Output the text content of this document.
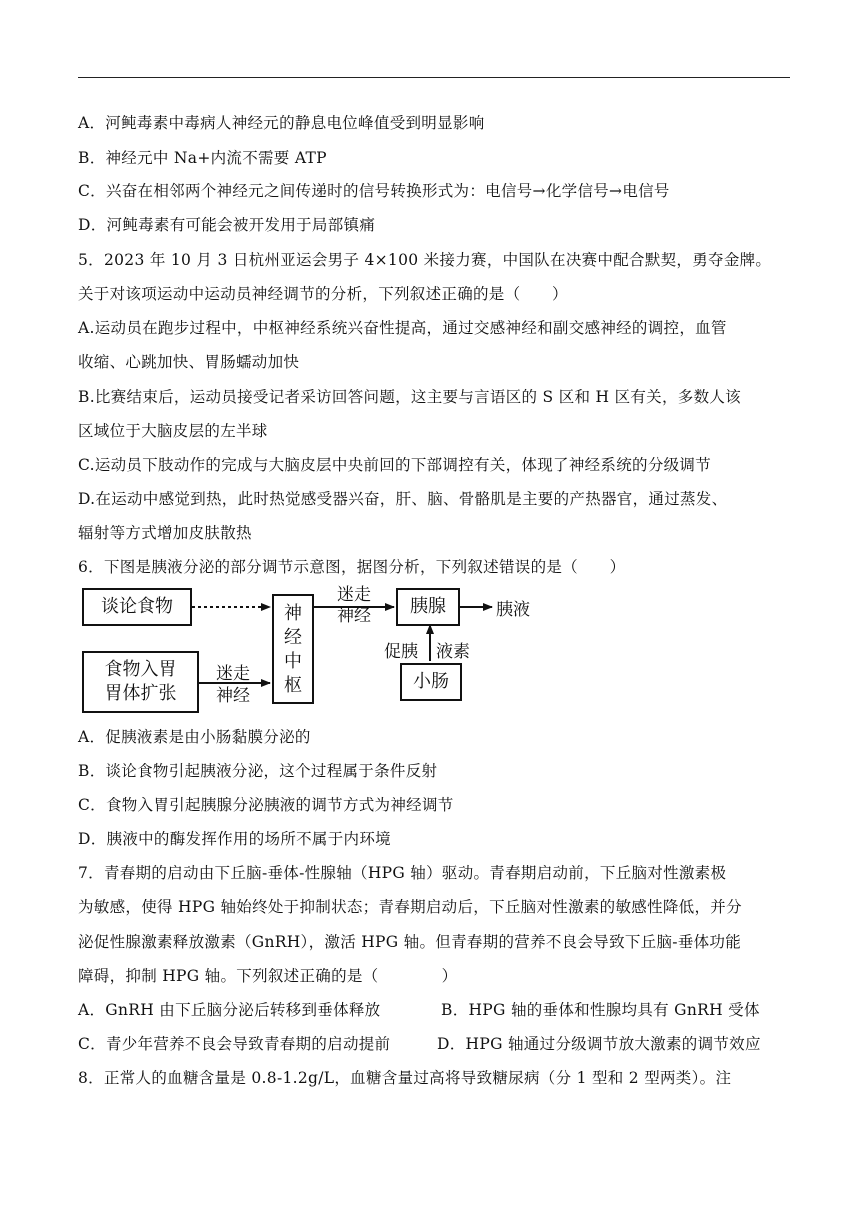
A．河鲀毒素中毒病人神经元的静息电位峰值受到明显影响
B．神经元中 Na+内流不需要 ATP
C．兴奋在相邻两个神经元之间传递时的信号转换形式为：电信号→化学信号→电信号
D．河鲀毒素有可能会被开发用于局部镇痛
5．2023 年 10 月 3 日杭州亚运会男子 4×100 米接力赛，中国队在决赛中配合默契，勇夺金牌。
关于对该项运动中运动员神经调节的分析，下列叙述正确的是（　　）
A.运动员在跑步过程中，中枢神经系统兴奋性提高，通过交感神经和副交感神经的调控，血管
收缩、心跳加快、胃肠蠕动加快
B.比赛结束后，运动员接受记者采访回答问题，这主要与言语区的 S 区和 H 区有关，多数人该
区域位于大脑皮层的左半球
C.运动员下肢动作的完成与大脑皮层中央前回的下部调控有关，体现了神经系统的分级调节
D.在运动中感觉到热，此时热觉感受器兴奋，肝、脑、骨骼肌是主要的产热器官，通过蒸发、
辐射等方式增加皮肤散热
6．下图是胰液分泌的部分调节示意图，据图分析，下列叙述错误的是（　　）
谈论食物
食物入胃
胃体扩张
神
经
中
枢
迷走
神经
迷走
神经
胰腺	胰液
促胰 液素
小肠
A．促胰液素是由小肠黏膜分泌的
B．谈论食物引起胰液分泌，这个过程属于条件反射
C．食物入胃引起胰腺分泌胰液的调节方式为神经调节
D．胰液中的酶发挥作用的场所不属于内环境
7．青春期的启动由下丘脑-垂体-性腺轴（HPG 轴）驱动。青春期启动前，下丘脑对性激素极
为敏感，使得 HPG 轴始终处于抑制状态；青春期启动后，下丘脑对性激素的敏感性降低，并分
泌促性腺激素释放激素（GnRH），激活 HPG 轴。但青春期的营养不良会导致下丘脑-垂体功能
障碍，抑制 HPG 轴。下列叙述正确的是（　　　　）
A．GnRH 由下丘脑分泌后转移到垂体释放	B．HPG 轴的垂体和性腺均具有 GnRH 受体
C．青少年营养不良会导致青春期的启动提前	D．HPG 轴通过分级调节放大激素的调节效应
8．正常人的血糖含量是 0.8-1.2g/L，血糖含量过高将导致糖尿病（分 1 型和 2 型两类）。注
